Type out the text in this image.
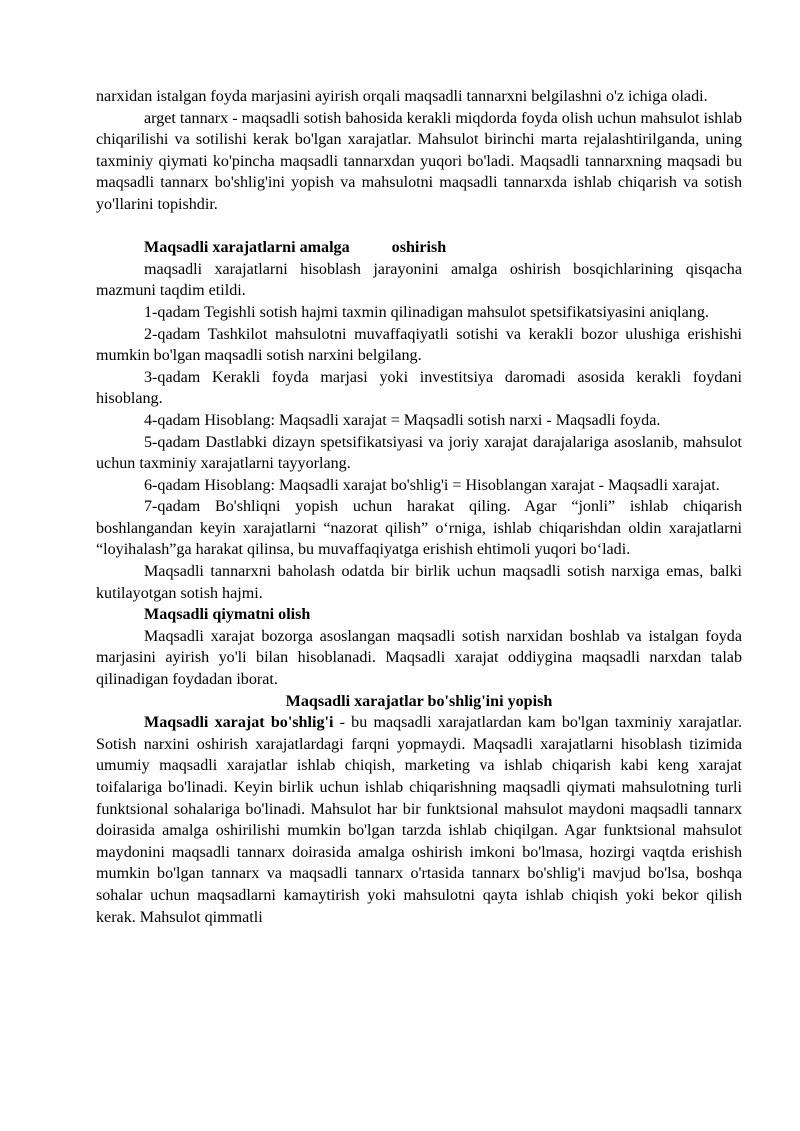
narxidan istalgan foyda marjasini ayirish orqali maqsadli tannarxni belgilashni o'z ichiga oladi.

arget tannarx - maqsadli sotish bahosida kerakli miqdorda foyda olish uchun mahsulot ishlab chiqarilishi va sotilishi kerak bo'lgan xarajatlar. Mahsulot birinchi marta rejalashtirilganda, uning taxminiy qiymati ko'pincha maqsadli tannarxdan yuqori bo'ladi. Maqsadli tannarxning maqsadi bu maqsadli tannarx bo'shlig'ini yopish va mahsulotni maqsadli tannarxda ishlab chiqarish va sotish yo'llarini topishdir.

Maqsadli xarajatlarni amalga	oshirish

maqsadli xarajatlarni hisoblash jarayonini amalga oshirish bosqichlarining qisqacha mazmuni taqdim etildi.

1-qadam Tegishli sotish hajmi taxmin qilinadigan mahsulot spetsifikatsiyasini aniqlang.

2-qadam Tashkilot mahsulotni muvaffaqiyatli sotishi va kerakli bozor ulushiga erishishi mumkin bo'lgan maqsadli sotish narxini belgilang.

3-qadam Kerakli foyda marjasi yoki investitsiya daromadi asosida kerakli foydani hisoblang.

4-qadam Hisoblang: Maqsadli xarajat = Maqsadli sotish narxi - Maqsadli foyda.

5-qadam Dastlabki dizayn spetsifikatsiyasi va joriy xarajat darajalariga asoslanib, mahsulot uchun taxminiy xarajatlarni tayyorlang.

6-qadam Hisoblang: Maqsadli xarajat bo'shlig'i = Hisoblangan xarajat - Maqsadli xarajat.

7-qadam Bo'shliqni yopish uchun harakat qiling. Agar “jonli” ishlab chiqarish boshlangandan keyin xarajatlarni “nazorat qilish” o‘rniga, ishlab chiqarishdan oldin xarajatlarni “loyihalash”ga harakat qilinsa, bu muvaffaqiyatga erishish ehtimoli yuqori bo‘ladi.

Maqsadli tannarxni baholash odatda bir birlik uchun maqsadli sotish narxiga emas, balki kutilayotgan sotish hajmi.

Maqsadli qiymatni olish

Maqsadli xarajat bozorga asoslangan maqsadli sotish narxidan boshlab va istalgan foyda marjasini ayirish yo'li bilan hisoblanadi. Maqsadli xarajat oddiygina maqsadli narxdan talab qilinadigan foydadan iborat.

Maqsadli xarajatlar bo'shlig'ini yopish

Maqsadli xarajat bo'shlig'i - bu maqsadli xarajatlardan kam bo'lgan taxminiy xarajatlar. Sotish narxini oshirish xarajatlardagi farqni yopmaydi. Maqsadli xarajatlarni hisoblash tizimida umumiy maqsadli xarajatlar ishlab chiqish, marketing va ishlab chiqarish kabi keng xarajat toifalariga bo'linadi. Keyin birlik uchun ishlab chiqarishning maqsadli qiymati mahsulotning turli funktsional sohalariga bo'linadi. Mahsulot har bir funktsional mahsulot maydoni maqsadli tannarx doirasida amalga oshirilishi mumkin bo'lgan tarzda ishlab chiqilgan. Agar funktsional mahsulot maydonini maqsadli tannarx doirasida amalga oshirish imkoni bo'lmasa, hozirgi vaqtda erishish mumkin bo'lgan tannarx va maqsadli tannarx o'rtasida tannarx bo'shlig'i mavjud bo'lsa, boshqa sohalar uchun maqsadlarni kamaytirish yoki mahsulotni qayta ishlab chiqish yoki bekor qilish kerak. Mahsulot qimmatli
